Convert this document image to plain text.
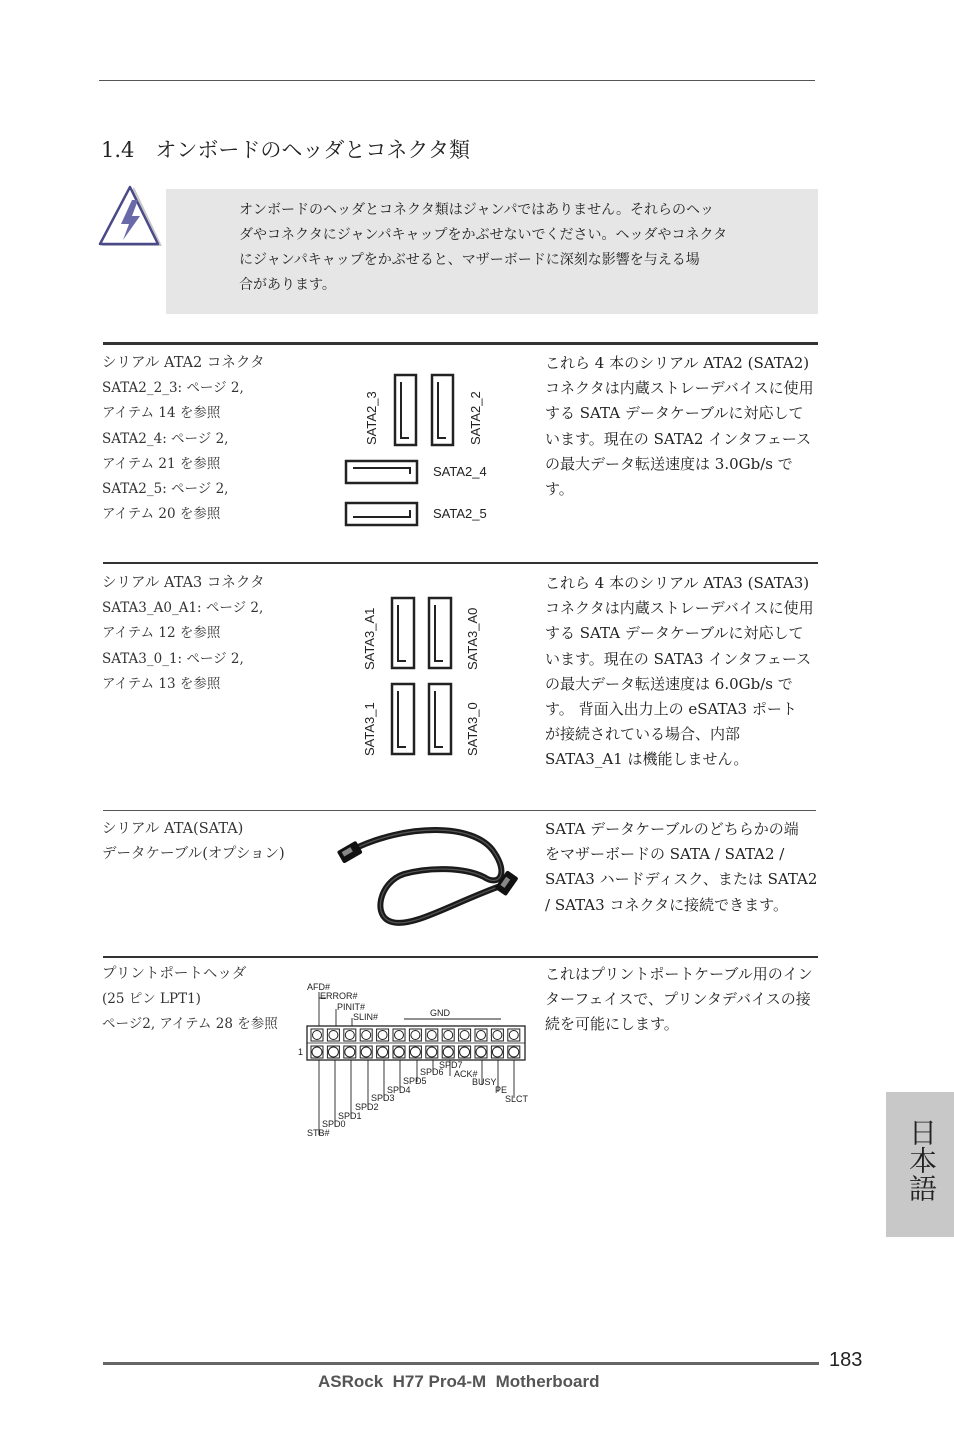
1.4　オンボードのヘッダとコネクタ類
オンボードのヘッダとコネクタ類はジャンパではありません。それらのヘッ
ダやコネクタにジャンパキャップをかぶせないでください。ヘッダやコネクタ
にジャンパキャップをかぶせると、マザーボードに深刻な影響を与える場
合があります。
シリアル ATA2 コネクタ
SATA2_2_3: ページ 2,
アイテム 14 を参照
SATA2_4: ページ 2,
アイテム 21 を参照
SATA2_5: ページ 2,
アイテム 20 を参照
SATA2_3	SATA2_2
SATA2_4
SATA2_5
これら 4 本のシリアル ATA2 (SATA2)
コネクタは内蔵ストレーデバイスに使用
する SATA データケーブルに対応して
います。現在の SATA2 インタフェース
の最大データ転送速度は 3.0Gb/s で
す。
シリアル ATA3 コネクタ
SATA3_A0_A1: ページ 2,
アイテム 12 を参照
SATA3_0_1: ページ 2,
アイテム 13 を参照
SATA3_A1	SATA3_A0
SATA3_1	SATA3_0
これら 4 本のシリアル ATA3 (SATA3)
コネクタは内蔵ストレーデバイスに使用
する SATA データケーブルに対応して
います。現在の SATA3 インタフェース
の最大データ転送速度は 6.0Gb/s で
す。 背面入出力上の eSATA3 ポート
が接続されている場合、内部
SATA3_A1 は機能しません。
シリアル ATA(SATA)
データケーブル(オプション)
SATA データケーブルのどちらかの端
をマザーボードの SATA / SATA2 /
SATA3 ハードディスク、または SATA2
/ SATA3 コネクタに接続できます。
プリントポートヘッダ
(25 ピン LPT1)
ページ2, アイテム 28 を参照
1
AFD#
ERROR#
PINIT#
SLIN#	GND
SPD7
SPD6 ACK#
SPD5	BUSY
SPD4	PE
SPD3	SLCT
SPD2
SPD1
SPD0
STB#
これはプリントポートケーブル用のイン
ターフェイスで、プリンタデバイスの接
続を可能にします。
日本語
183
ASRock  H77 Pro4-M  Motherboard
